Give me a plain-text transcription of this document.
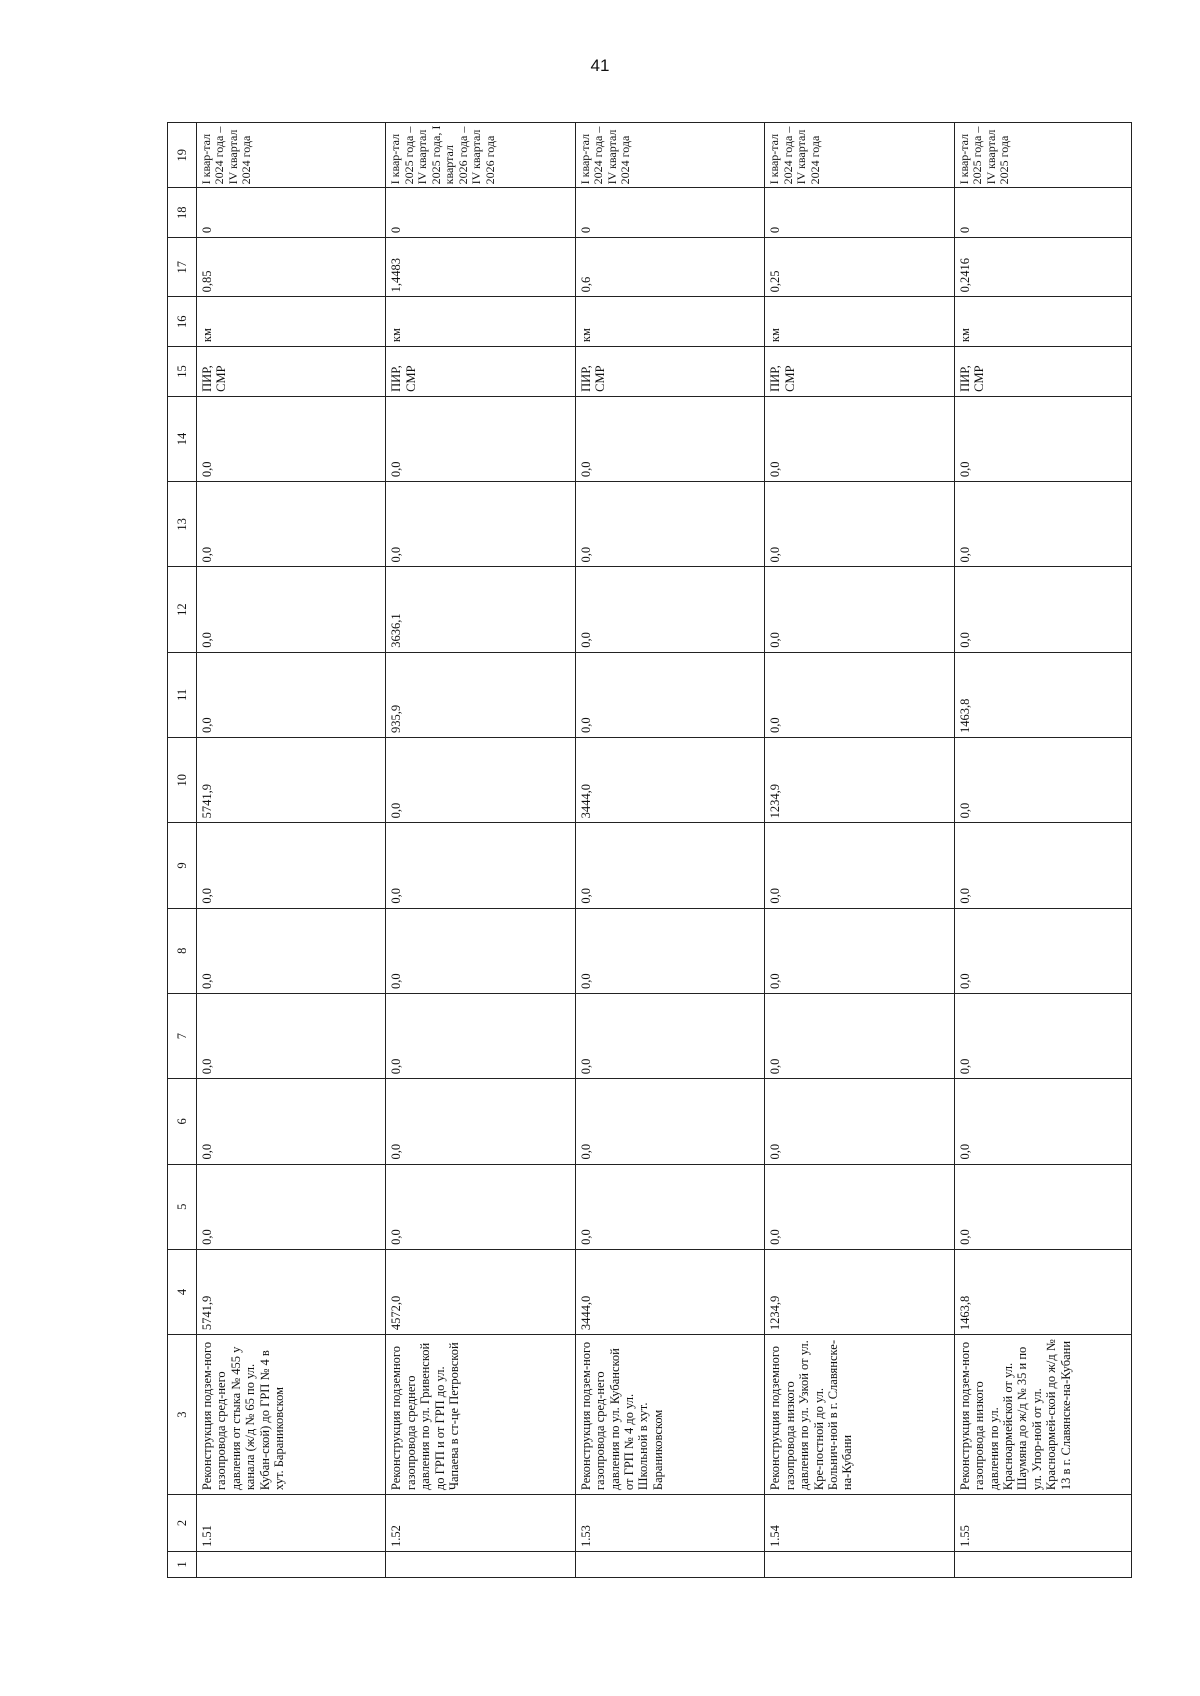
41
1	2	3	4	5	6	7	8	9	10	11	12	13	14	15	16	17	18	19
	1.51	Реконструкция подзем-ного газопровода сред-него давления от стыка № 455 у канала (ж/д № 65 по ул. Кубан-ской) до ГРП № 4 в хут. Бараниковском	5741,9	0,0	0,0	0,0	0,0	0,0	5741,9	0,0	0,0	0,0	0,0	ПИР, СМР	км	0,85	0	I квар-тал 2024 года – IV квартал 2024 года
	1.52	Реконструкция подземного газопровода среднего давления по ул. Гривенской до ГРП и от ГРП до ул. Чапаева в ст-це Петровской	4572,0	0,0	0,0	0,0	0,0	0,0	0,0	935,9	3636,1	0,0	0,0	ПИР, СМР	км	1,4483	0	I квар-тал 2025 года – IV квартал 2025 года, I квартал 2026 года – IV квартал 2026 года
	1.53	Реконструкция подзем-ного газопровода сред-него давления по ул. Кубанской от ГРП № 4 до ул. Школьной в хут. Бараниковском	3444,0	0,0	0,0	0,0	0,0	0,0	3444,0	0,0	0,0	0,0	0,0	ПИР, СМР	км	0,6	0	I квар-тал 2024 года – IV квартал 2024 года
	1.54	Реконструкция подземного газопровода низкого давления по ул. Узкой от ул. Кре-постной до ул. Больнич-ной в г. Славянске-на-Кубани	1234,9	0,0	0,0	0,0	0,0	0,0	1234,9	0,0	0,0	0,0	0,0	ПИР, СМР	км	0,25	0	I квар-тал 2024 года – IV квартал 2024 года
	1.55	Реконструкция подзем-ного газопровода низкого давления по ул. Красноармейской от ул. Шаумяна до ж/д № 35 и по ул. Упор-ной от ул. Красноармей-ской до ж/д № 13 в г. Славянске-на-Кубани	1463,8	0,0	0,0	0,0	0,0	0,0	0,0	1463,8	0,0	0,0	0,0	ПИР, СМР	км	0,2416	0	I квар-тал 2025 года – IV квартал 2025 года
